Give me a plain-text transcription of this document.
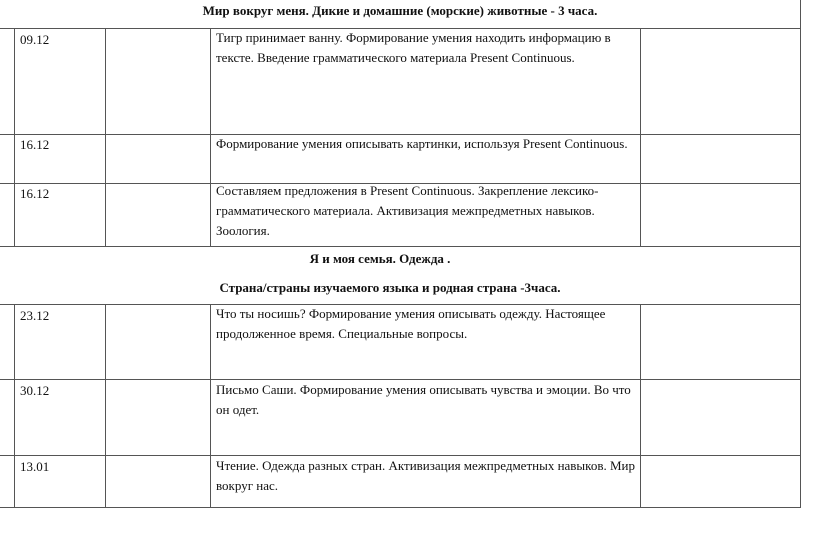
Мир вокруг меня. Дикие и домашние (морские) животные - 3 часа.
09.12	Тигр принимает ванну. Формирование умения находить информацию в тексте. Введение грамматического материала Present Continuous.
16.12	Формирование умения описывать картинки, используя Present Continuous.
16.12	Составляем предложения в Present Continuous. Закрепление лексико-грамматического материала. Активизация межпредметных навыков. Зоология.
Я и моя семья. Одежда .
Страна/страны изучаемого языка и родная страна -3часа.
23.12	Что ты носишь? Формирование умения описывать одежду. Настоящее продолженное время. Специальные вопросы.
30.12	Письмо Саши. Формирование умения описывать чувства и эмоции. Во что он одет.
13.01	Чтение. Одежда разных стран. Активизация межпредметных навыков. Мир вокруг нас.
